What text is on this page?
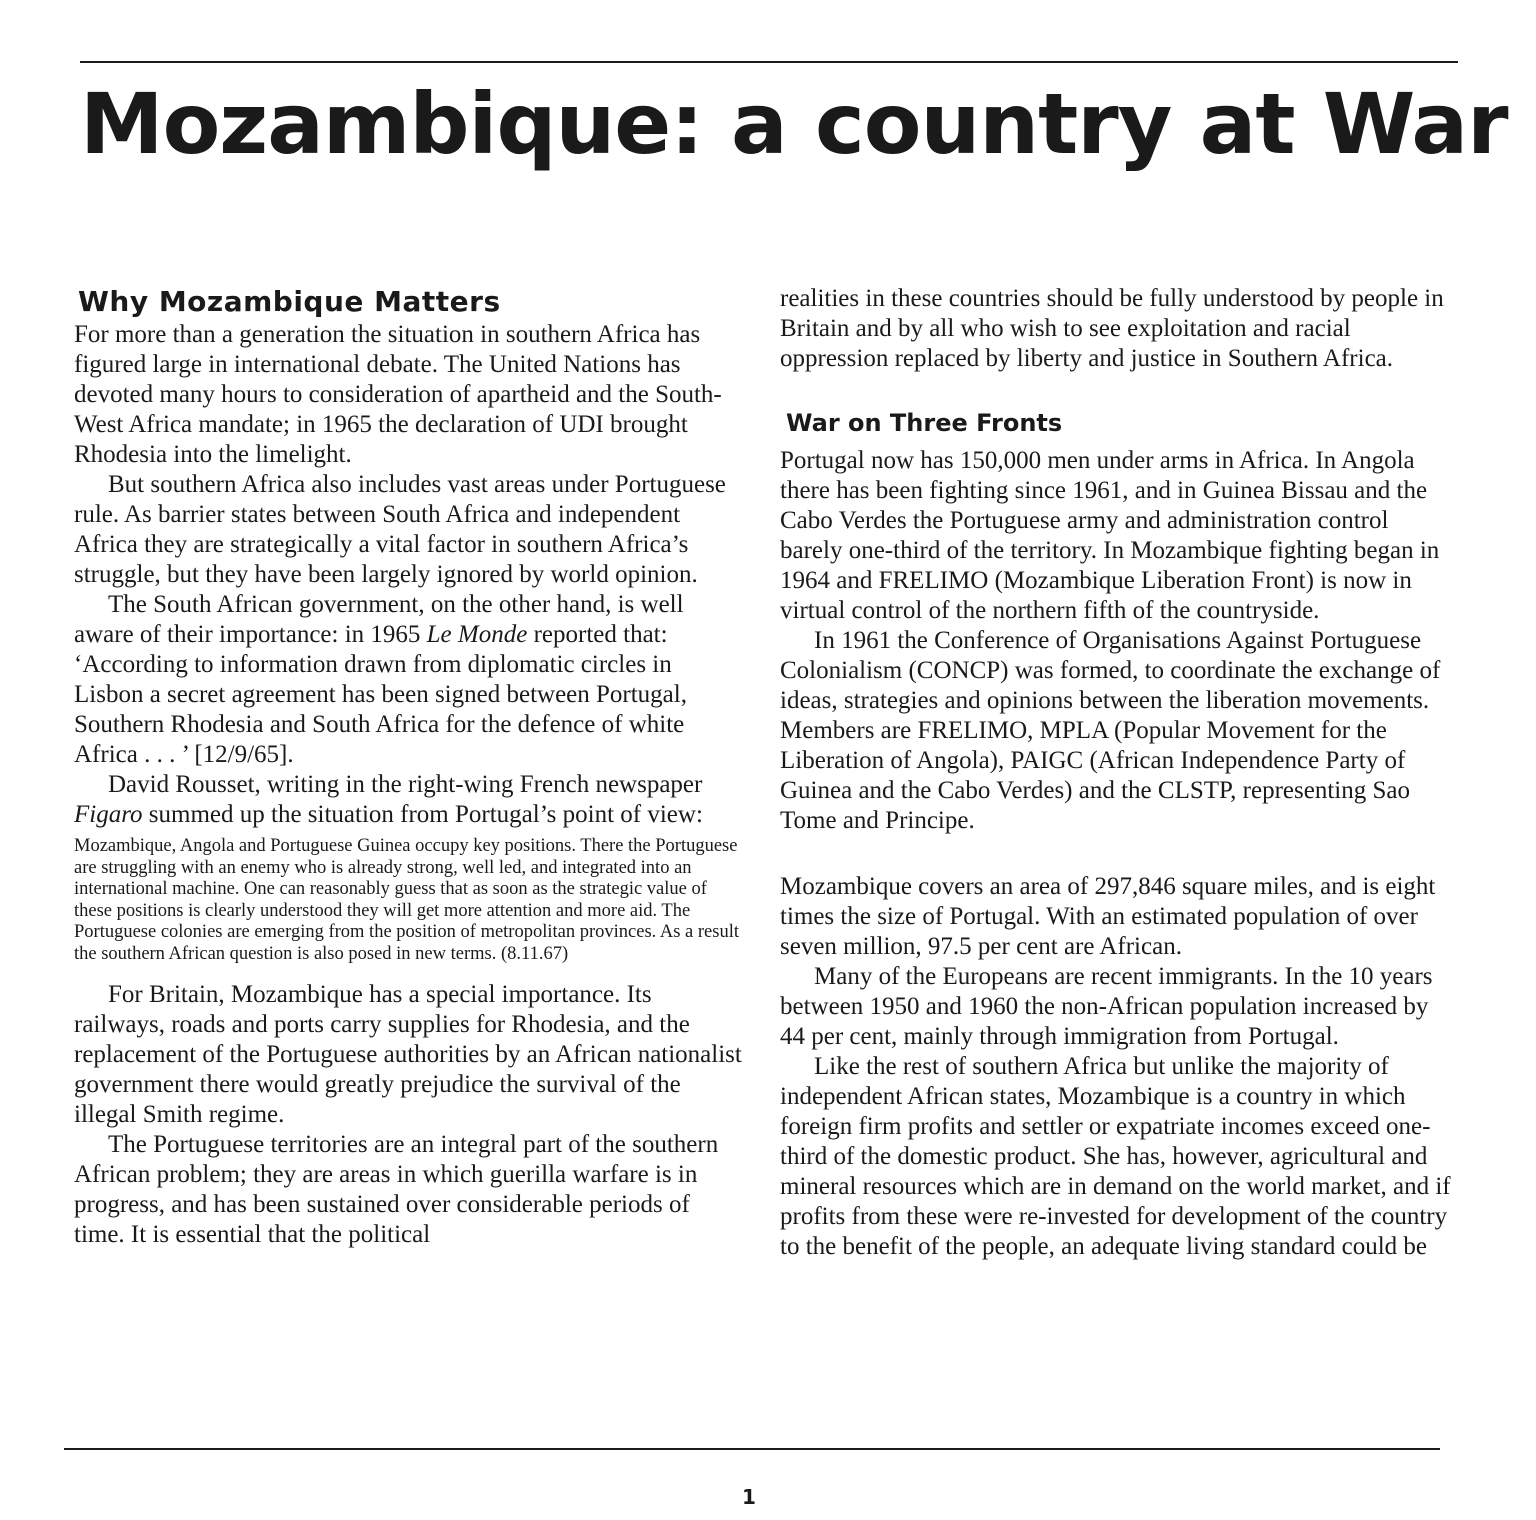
Mozambique: a country at War
Why Mozambique Matters

For more than a generation the situation in southern Africa has figured large in international debate. The United Nations has devoted many hours to consideration of apartheid and the South-West Africa mandate; in 1965 the declaration of UDI brought Rhodesia into the limelight.

But southern Africa also includes vast areas under Portuguese rule. As barrier states between South Africa and independent Africa they are strategically a vital factor in southern Africa’s struggle, but they have been largely ignored by world opinion.

The South African government, on the other hand, is well aware of their importance: in 1965 Le Monde reported that: ‘According to information drawn from diplomatic circles in Lisbon a secret agreement has been signed between Portugal, Southern Rhodesia and South Africa for the defence of white Africa . . . ’ [12/9/65].

David Rousset, writing in the right-wing French newspaper Figaro summed up the situation from Portugal’s point of view:

Mozambique, Angola and Portuguese Guinea occupy key positions. There the Portuguese are struggling with an enemy who is already strong, well led, and integrated into an international machine. One can reasonably guess that as soon as the strategic value of these positions is clearly understood they will get more attention and more aid. The Portuguese colonies are emerging from the position of metropolitan provinces. As a result the southern African question is also posed in new terms. (8.11.67)

For Britain, Mozambique has a special importance. Its railways, roads and ports carry supplies for Rhodesia, and the replacement of the Portuguese authorities by an African nationalist government there would greatly prejudice the survival of the illegal Smith regime.

The Portuguese territories are an integral part of the southern African problem; they are areas in which guerilla warfare is in progress, and has been sustained over considerable periods of time. It is essential that the political

realities in these countries should be fully understood by people in Britain and by all who wish to see exploitation and racial oppression replaced by liberty and justice in Southern Africa.

War on Three Fronts

Portugal now has 150,000 men under arms in Africa. In Angola there has been fighting since 1961, and in Guinea Bissau and the Cabo Verdes the Portuguese army and administration control barely one-third of the territory. In Mozambique fighting began in 1964 and FRELIMO (Mozambique Liberation Front) is now in virtual control of the northern fifth of the countryside.

In 1961 the Conference of Organisations Against Portuguese Colonialism (CONCP) was formed, to coordinate the exchange of ideas, strategies and opinions between the liberation movements. Members are FRELIMO, MPLA (Popular Movement for the Liberation of Angola), PAIGC (African Independence Party of Guinea and the Cabo Verdes) and the CLSTP, representing Sao Tome and Principe.

Mozambique covers an area of 297,846 square miles, and is eight times the size of Portugal. With an estimated population of over seven million, 97.5 per cent are African.

Many of the Europeans are recent immigrants. In the 10 years between 1950 and 1960 the non-African population increased by 44 per cent, mainly through immigration from Portugal.

Like the rest of southern Africa but unlike the majority of independent African states, Mozambique is a country in which foreign firm profits and settler or expatriate incomes exceed one-third of the domestic product. She has, however, agricultural and mineral resources which are in demand on the world market, and if profits from these were re-invested for development of the country to the benefit of the people, an adequate living standard could be

1
